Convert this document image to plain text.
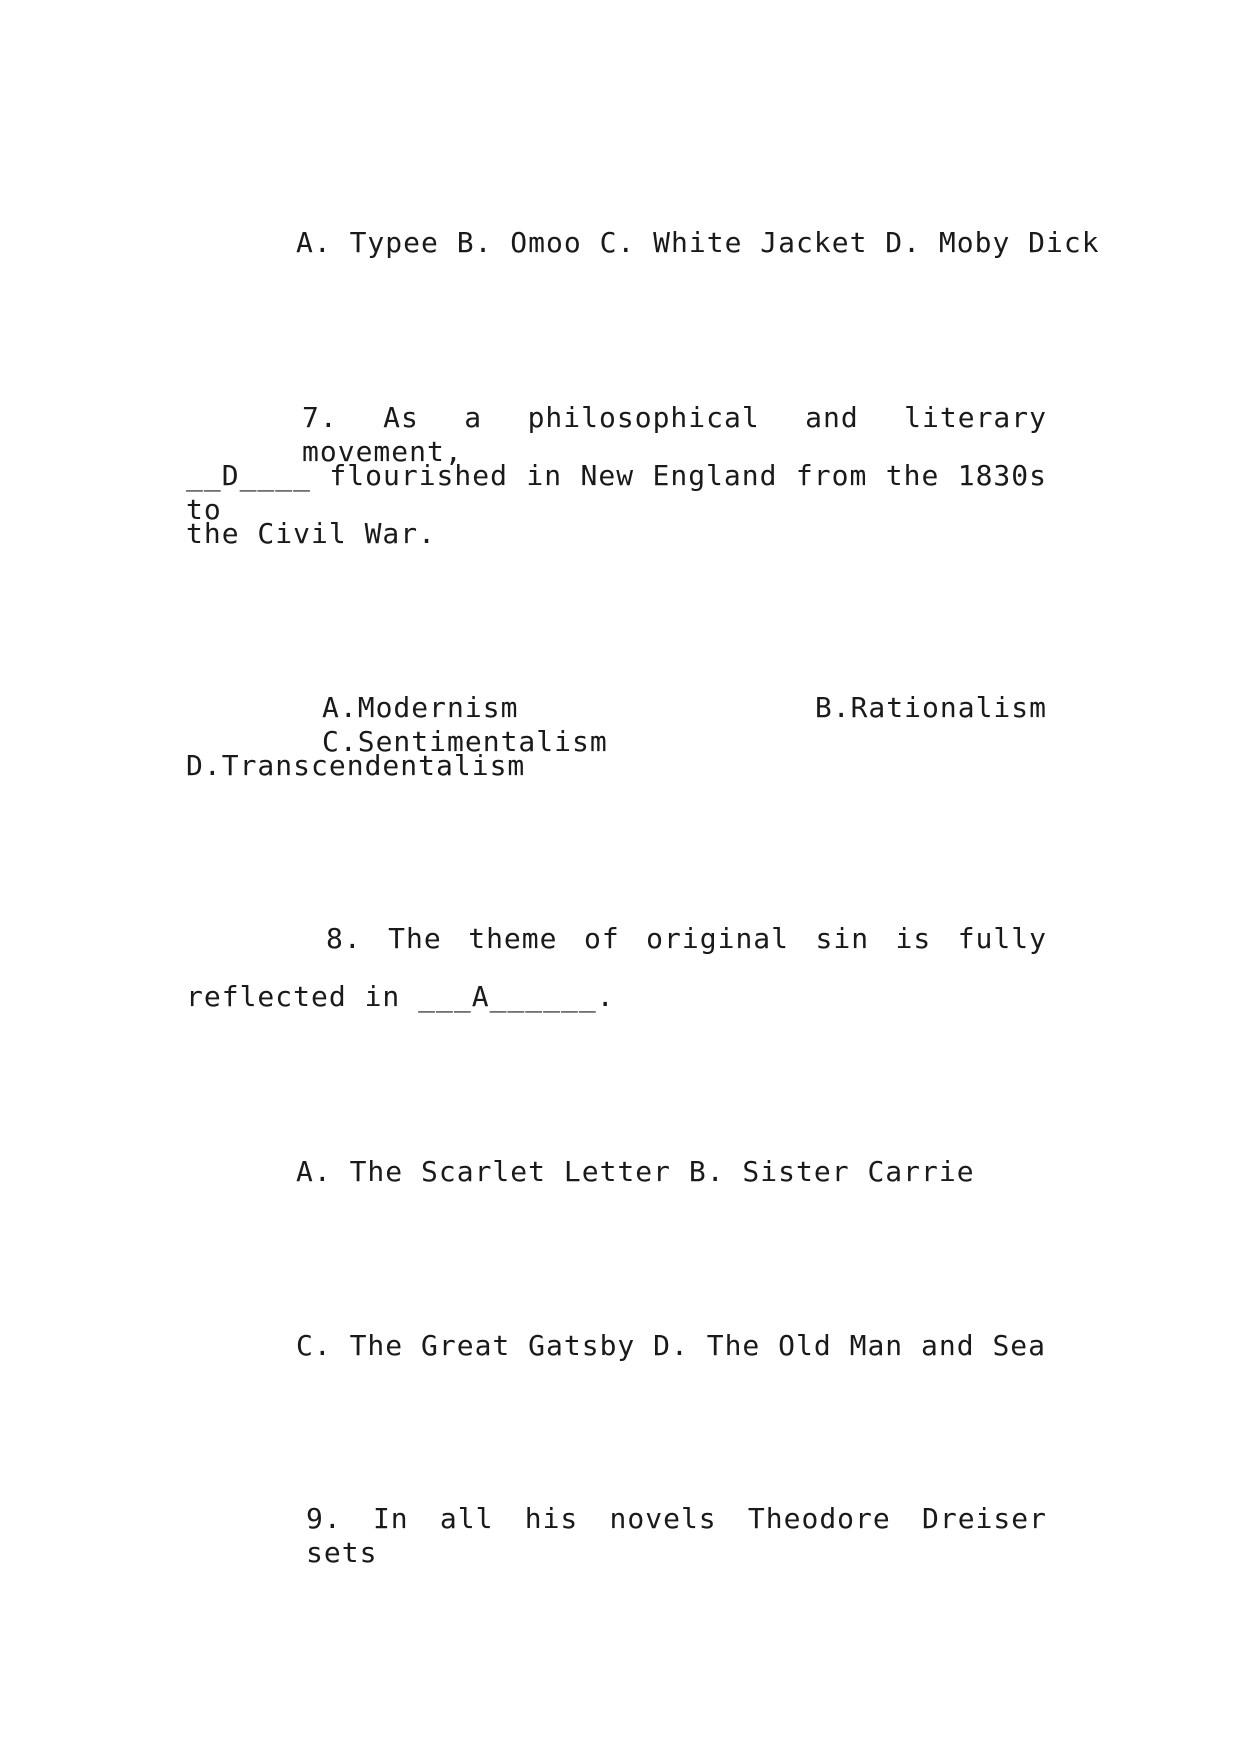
A. Typee B. Omoo C. White Jacket D. Moby Dick
7. As a philosophical and literary movement,
__D____ flourished in New England from the 1830s to
the Civil War.
A.Modernism B.Rationalism C.Sentimentalism
D.Transcendentalism
8. The theme of original sin is fully
reflected in ___A______.
A. The Scarlet Letter B. Sister Carrie
C. The Great Gatsby D. The Old Man and Sea
9. In all his novels Theodore Dreiser sets
